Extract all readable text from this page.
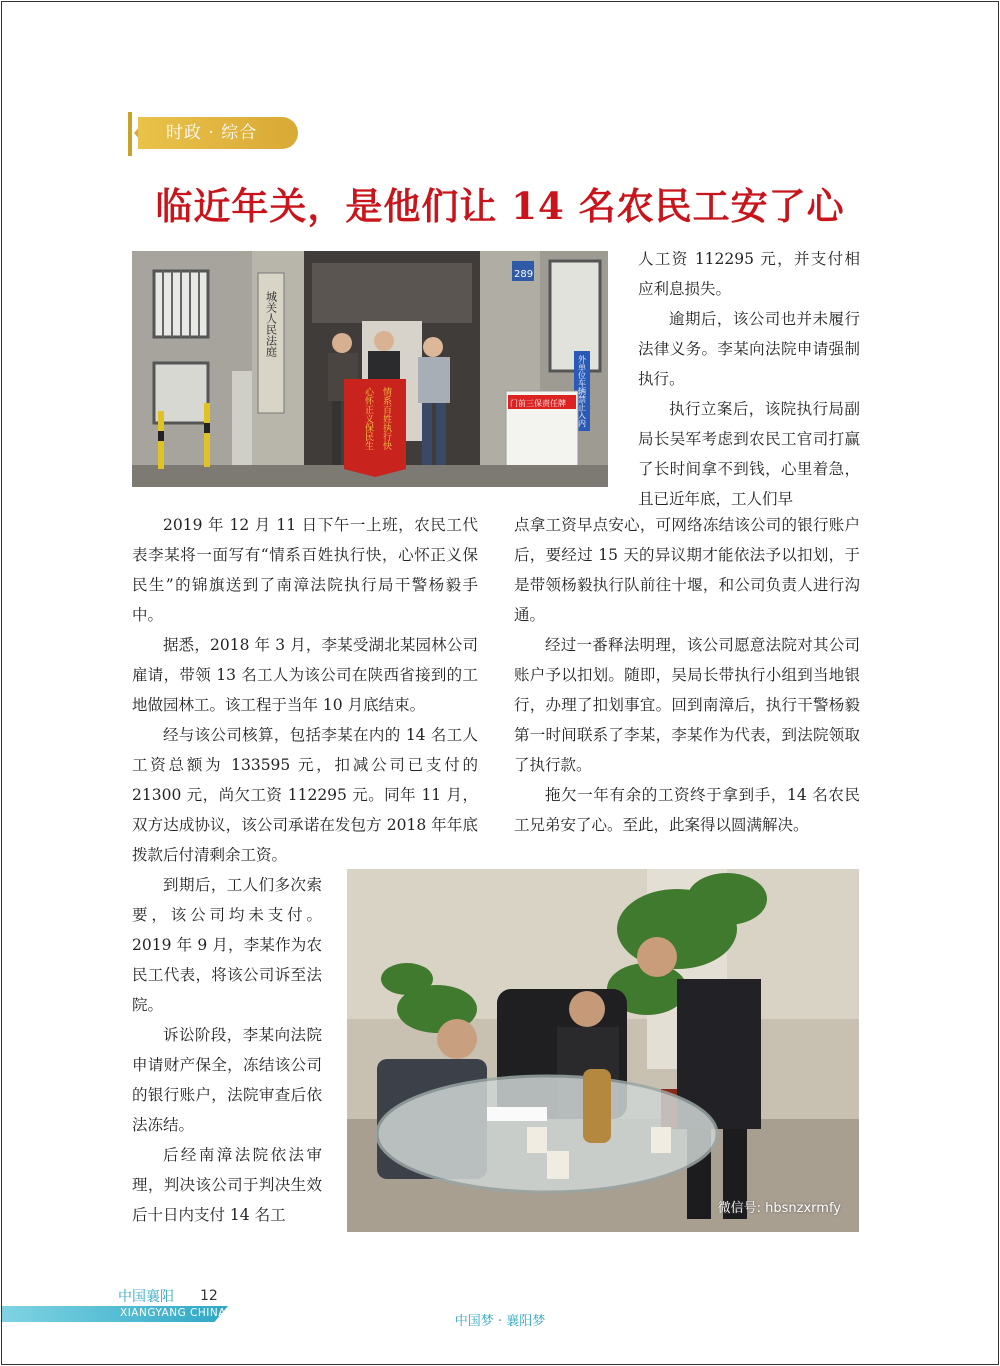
时政 · 综合
临近年关，是他们让 14 名农民工安了心
城关人民法庭
289
外单位车辆禁止入内
门前三保责任牌
情系百姓执行快
心怀正义保民生

人工资 112295 元，并支付相应利息损失。

逾期后，该公司也并未履行法律义务。李某向法院申请强制执行。

执行立案后，该院执行局副局长吴军考虑到农民工官司打赢了长时间拿不到钱，心里着急，且已近年底，工人们早

2019 年 12 月 11 日下午一上班，农民工代表李某将一面写有“情系百姓执行快，心怀正义保民生”的锦旗送到了南漳法院执行局干警杨毅手中。

据悉，2018 年 3 月，李某受湖北某园林公司雇请，带领 13 名工人为该公司在陕西省接到的工地做园林工。该工程于当年 10 月底结束。

经与该公司核算，包括李某在内的 14 名工人工资总额为 133595 元，扣减公司已支付的 21300 元，尚欠工资 112295 元。同年 11 月，双方达成协议，该公司承诺在发包方 2018 年年底拨款后付清剩余工资。

点拿工资早点安心，可网络冻结该公司的银行账户后，要经过 15 天的异议期才能依法予以扣划，于是带领杨毅执行队前往十堰，和公司负责人进行沟通。

经过一番释法明理，该公司愿意法院对其公司账户予以扣划。随即，吴局长带执行小组到当地银行，办理了扣划事宜。回到南漳后，执行干警杨毅第一时间联系了李某，李某作为代表，到法院领取了执行款。

拖欠一年有余的工资终于拿到手，14 名农民工兄弟安了心。至此，此案得以圆满解决。

到期后，工人们多次索要，该公司均未支付。2019 年 9 月，李某作为农民工代表，将该公司诉至法院。

诉讼阶段，李某向法院申请财产保全，冻结该公司的银行账户，法院审查后依法冻结。

后经南漳法院依法审理，判决该公司于判决生效后十日内支付 14 名工	微信号: hbsnzxrmfy
中国襄阳 12
XIANGYANG CHINA
中国梦 · 襄阳梦
